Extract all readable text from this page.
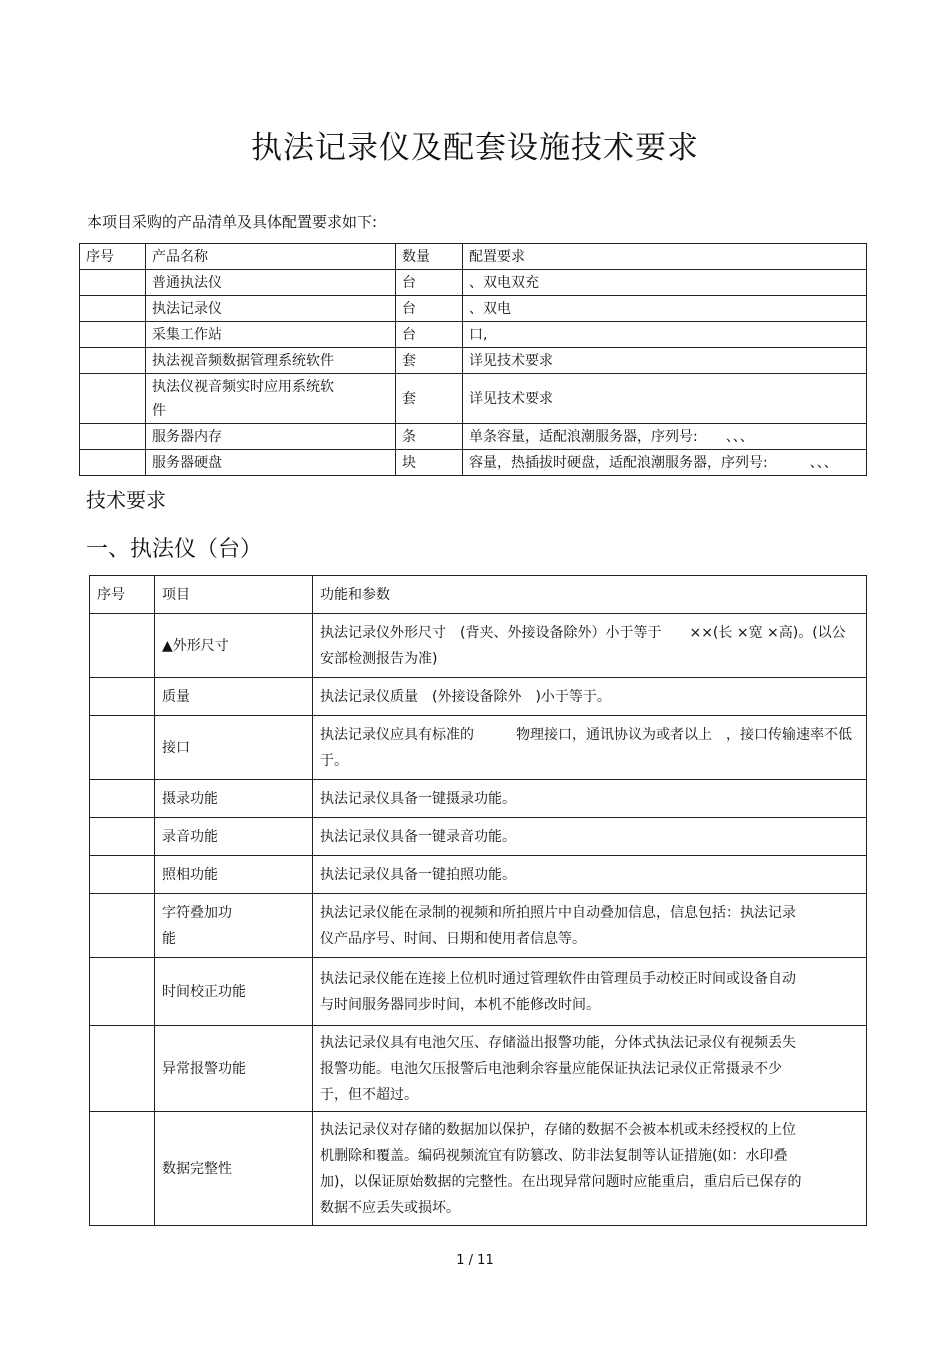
执法记录仪及配套设施技术要求
本项目采购的产品清单及具体配置要求如下:
序号	产品名称	数量	配置要求
	普通执法仪	台	、双电双充
	执法记录仪	台	、双电
	采集工作站	台	口,
	执法视音频数据管理系统软件	套	详见技术要求
	执法仪视音频实时应用系统软件	套	详见技术要求
	服务器内存	条	单条容量，适配浪潮服务器，序列号:　　、、、
	服务器硬盘	块	容量，热插拔时硬盘，适配浪潮服务器，序列号:　　　、、、
技术要求
一、执法仪（台）
序号	项目	功能和参数
	▲外形尺寸	执法记录仪外形尺寸　(背夹、外接设备除外）小于等于　　××(长 ×宽 ×高)。(以公安部检测报告为准)
	质量	执法记录仪质量　(外接设备除外　)小于等于。
	接口	执法记录仪应具有标准的　　　物理接口，通讯协议为或者以上　，接口传输速率不低于。
	摄录功能	执法记录仪具备一键摄录功能。
	录音功能	执法记录仪具备一键录音功能。
	照相功能	执法记录仪具备一键拍照功能。
	字符叠加功能	执法记录仪能在录制的视频和所拍照片中自动叠加信息，信息包括：执法记录仪产品序号、时间、日期和使用者信息等。
	时间校正功能	执法记录仪能在连接上位机时通过管理软件由管理员手动校正时间或设备自动与时间服务器同步时间，本机不能修改时间。
	异常报警功能	执法记录仪具有电池欠压、存储溢出报警功能，分体式执法记录仪有视频丢失报警功能。电池欠压报警后电池剩余容量应能保证执法记录仪正常摄录不少于，但不超过。
	数据完整性	执法记录仪对存储的数据加以保护，存储的数据不会被本机或未经授权的上位机删除和覆盖。编码视频流宜有防篡改、防非法复制等认证措施(如：水印叠加)，以保证原始数据的完整性。在出现异常问题时应能重启，重启后已保存的数据不应丢失或损坏。
1 / 11
